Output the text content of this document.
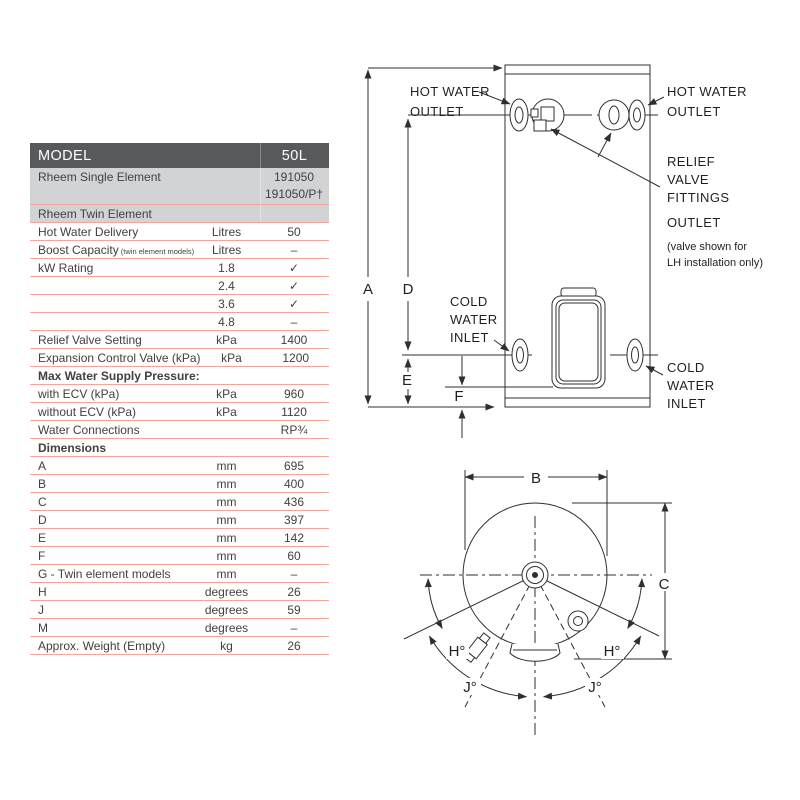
MODEL	50L
Rheem Single Element	191050
191050/P†
Rheem Twin Element
Hot Water Delivery	Litres	50
Boost Capacity (twin element models)	Litres	–
kW Rating	1.8	✓
2.4	✓
3.6	✓
4.8	–
Relief Valve Setting	kPa	1400
Expansion Control Valve (kPa)	kPa	1200
Max Water Supply Pressure:
with ECV (kPa)	kPa	960
without ECV (kPa)	kPa	1120
Water Connections	RP¾
Dimensions
A	mm	695
B	mm	400
C	mm	436
D	mm	397
E	mm	142
F	mm	60
G - Twin element models	mm	–
H	degrees	26
J	degrees	59
M	degrees	–
Approx. Weight (Empty)	kg	26
A D
E
F
HOT WATER
OUTLET
HOT WATER
OUTLET
RELIEF
VALVE
FITTINGS
OUTLET
(valve shown for
LH installation only)
COLD
WATER
INLET
COLD
WATER
INLET
B
C
H°	H°
J°	J°
